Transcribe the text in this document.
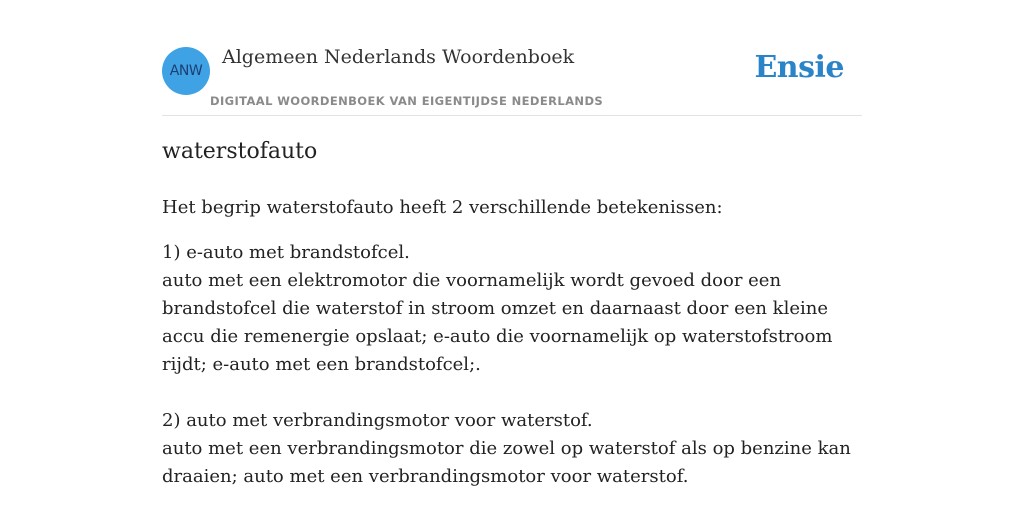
ANW
Algemeen Nederlands Woordenboek
DIGITAAL WOORDENBOEK VAN EIGENTIJDSE NEDERLANDS
Ensie
waterstofauto
Het begrip waterstofauto heeft 2 verschillende betekenissen:
1) e-auto met brandstofcel.
auto met een elektromotor die voornamelijk wordt gevoed door een brandstofcel die waterstof in stroom omzet en daarnaast door een kleine accu die remenergie opslaat; e-auto die voornamelijk op waterstofstroom rijdt; e-auto met een brandstofcel;.
2) auto met verbrandingsmotor voor waterstof.
auto met een verbrandingsmotor die zowel op waterstof als op benzine kan draaien; auto met een verbrandingsmotor voor waterstof.
